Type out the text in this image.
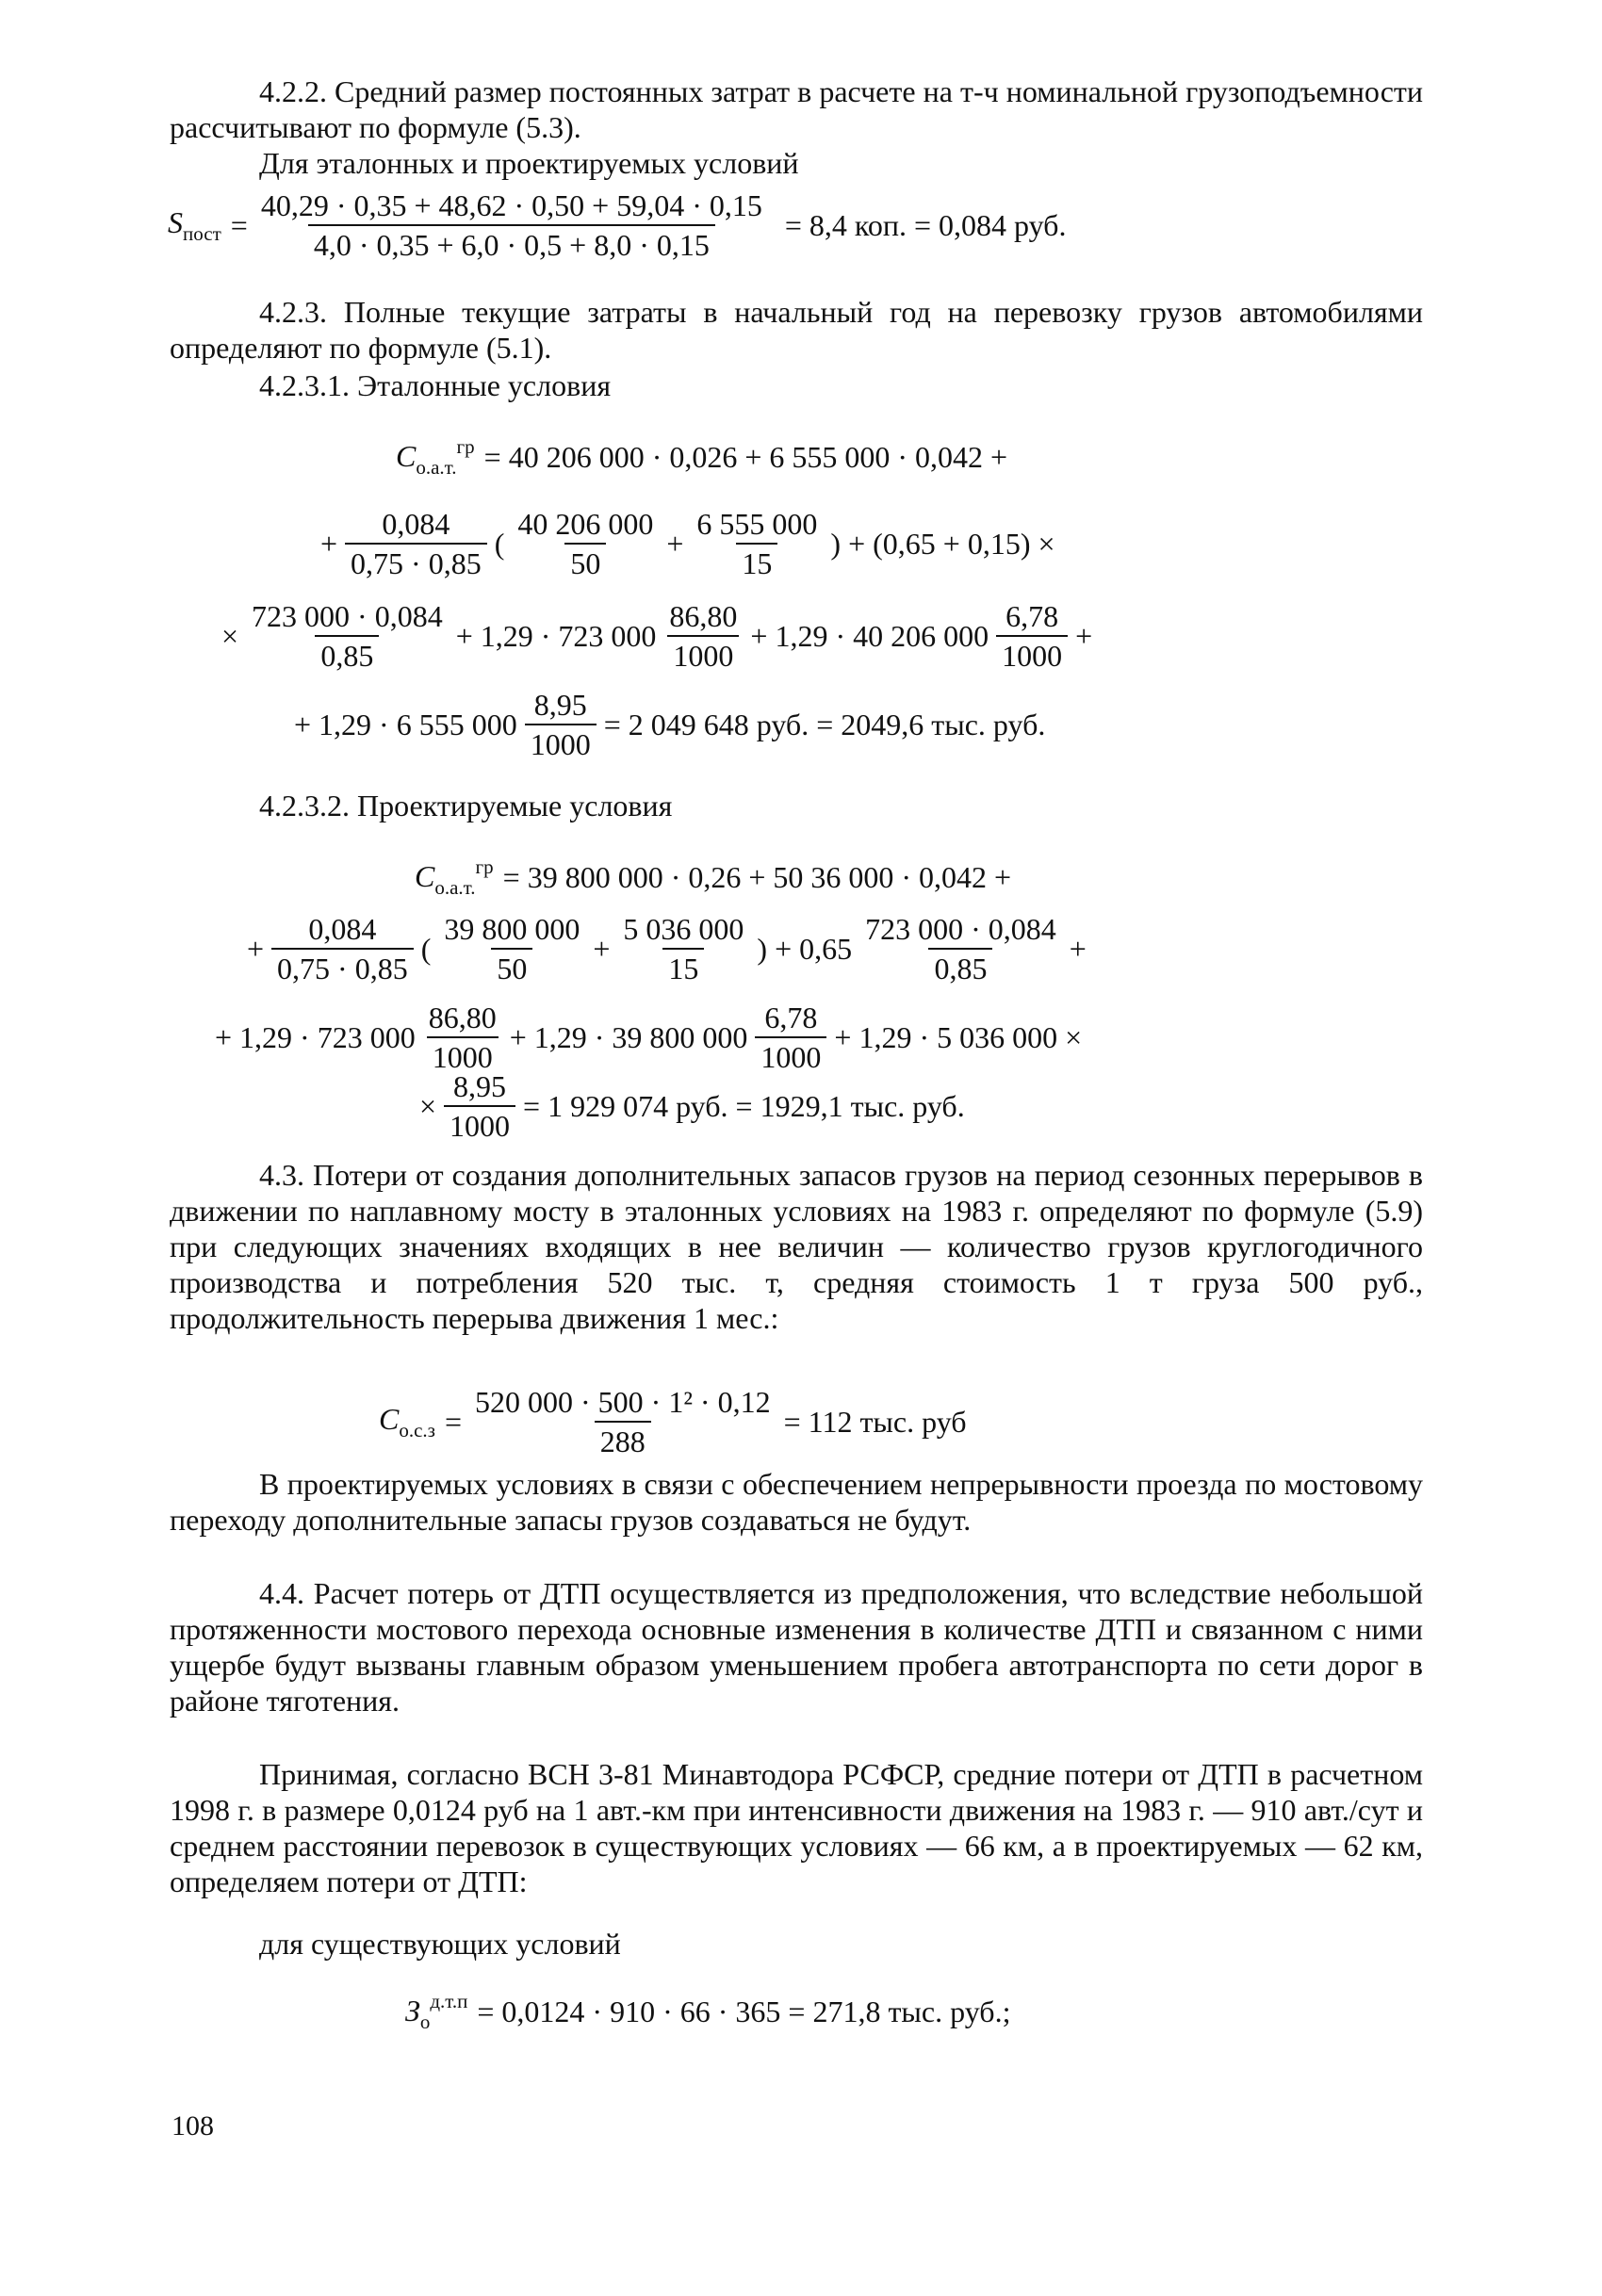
4.2.2. Средний размер постоянных затрат в расчете на т-ч номинальной грузоподъемности рассчитывают по формуле (5.3).

Для эталонных и проектируемых условий

$S_{пост} = \frac{40,29 \cdot 0,35 + 48,62 \cdot 0,50 + 59,04 \cdot 0,15}{4,0 \cdot 0,35 + 6,0 \cdot 0,5 + 8,0 \cdot 0,15} = 8,4$ коп. = 0,084 руб.

4.2.3. Полные текущие затраты в начальный год на перевозку грузов автомобилями определяют по формуле (5.1).

4.2.3.1. Эталонные условия

$C_{о.а.т.}^{гр} = 40$ 206 000 · 0,026 + 6 555 000 · 0,042 +
+ $\frac{0,084}{0,75 \cdot 0,85}$ ( $\frac{40 206 000}{50} + \frac{6 555 000}{15}$ ) + (0,65 + 0,15) ×
× $\frac{723 000 \cdot 0,084}{0,85} + 1,29 \cdot 723$ $000 \frac{86,80}{1000} + 1,29 \cdot 40$ 206 $000 \frac{6,78}{1000}$ +
+ 1,29 · 6 555 $000 \frac{8,95}{1000} = 2$ 049 648 руб. = 2049,6 тыс. руб.

4.2.3.2. Проектируемые условия

$C_{о.а.т.}^{гр} = 39$ 800 000 · 0,26 + 50 36 000 · 0,042 +
+ $\frac{0,084}{0,75 \cdot 0,85}$ ( $\frac{39 800 000}{50} + \frac{5 036 000}{15}$ ) + $0,65 \frac{723 000 \cdot 0,084}{0,85}$ +
+ 1,29 · 723 $000 \frac{86,80}{1000} + 1,29 \cdot 39$ 800 $000 \frac{6,78}{1000} + 1,29 \cdot 5$ 036 000 ×
× $\frac{8,95}{1000} = 1$ 929 074 руб. = 1929,1 тыс. руб.

4.3. Потери от создания дополнительных запасов грузов на период сезонных перерывов в движении по наплавному мосту в эталонных условиях на 1983 г. определяют по формуле (5.9) при следующих значениях входящих в нее величин — количество грузов круглогодичного производства и потребления 520 тыс. т, средняя стоимость 1 т груза 500 руб., продолжительность перерыва движения 1 мес.:

$C_{о.с.з} = \frac{\text{520 000 · 500 · 1² · 0,12}}{288} = 112$ тыс. руб

В проектируемых условиях в связи с обеспечением непрерывности проезда по мостовому переходу дополнительные запасы грузов создаваться не будут.

4.4. Расчет потерь от ДТП осуществляется из предположения, что вследствие небольшой протяженности мостового перехода основные изменения в количестве ДТП и связанном с ними ущербе будут вызваны главным образом уменьшением пробега автотранспорта по сети дорог в районе тяготения.

Принимая, согласно ВСН 3-81 Минавтодора РСФСР, средние потери от ДТП в расчетном 1998 г. в размере 0,0124 руб на 1 авт.-км при интенсивности движения на 1983 г. — 910 авт./сут и среднем расстоянии перевозок в существующих условиях — 66 км, а в проектируемых — 62 км, определяем потери от ДТП:

для существующих условий

$З_о^{д.т.п} = 0,0124 \cdot 910 \cdot 66 \cdot 365 = 271,8$ тыс. руб.;
108
